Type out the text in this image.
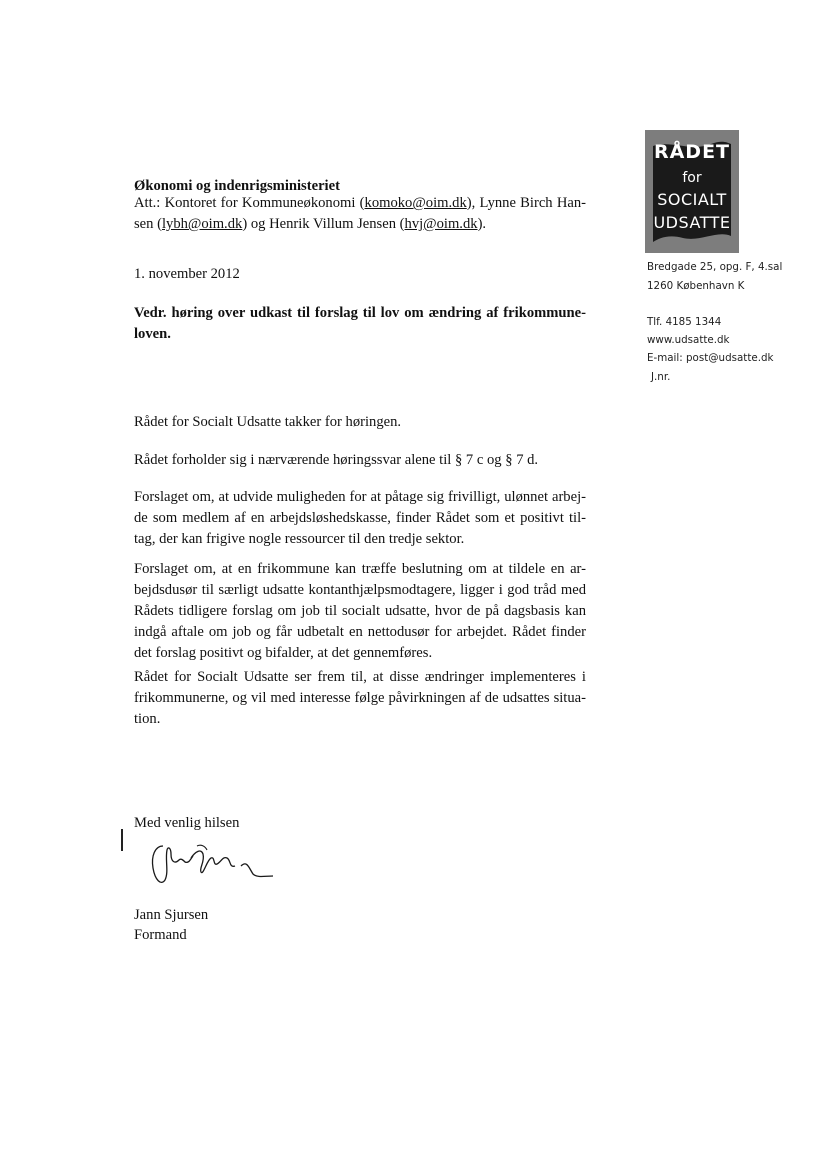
Økonomi og indenrigsministeriet
Att.: Kontoret for Kommuneøkonomi (komoko@oim.dk), Lynne Birch Han-
sen (lybh@oim.dk) og Henrik Villum Jensen (hvj@oim.dk).
1. november 2012
Vedr. høring over udkast til forslag til lov om ændring af frikommune-
loven.
Rådet for Socialt Udsatte takker for høringen.
Rådet forholder sig i nærværende høringssvar alene til § 7 c og § 7 d.
Forslaget om, at udvide muligheden for at påtage sig frivilligt, ulønnet arbej-
de som medlem af en arbejdsløshedskasse, finder Rådet som et positivt til-
tag, der kan frigive nogle ressourcer til den tredje sektor.
Forslaget om, at en frikommune kan træffe beslutning om at tildele en ar-
bejdsdusør til særligt udsatte kontanthjælpsmodtagere, ligger i god tråd med
Rådets tidligere forslag om job til socialt udsatte, hvor de på dagsbasis kan
indgå aftale om job og får udbetalt en nettodusør for arbejdet. Rådet finder
det forslag positivt og bifalder, at det gennemføres.
Rådet for Socialt Udsatte ser frem til, at disse ændringer implementeres i
frikommunerne, og vil med interesse følge påvirkningen af de udsattes situa-
tion.
Med venlig hilsen
Jann Sjursen
Formand
RÅDET
for
SOCIALT
UDSATTE
Bredgade 25, opg. F, 4.sal
1260 København K
Tlf. 4185 1344
www.udsatte.dk
E-mail: post@udsatte.dk
J.nr.
